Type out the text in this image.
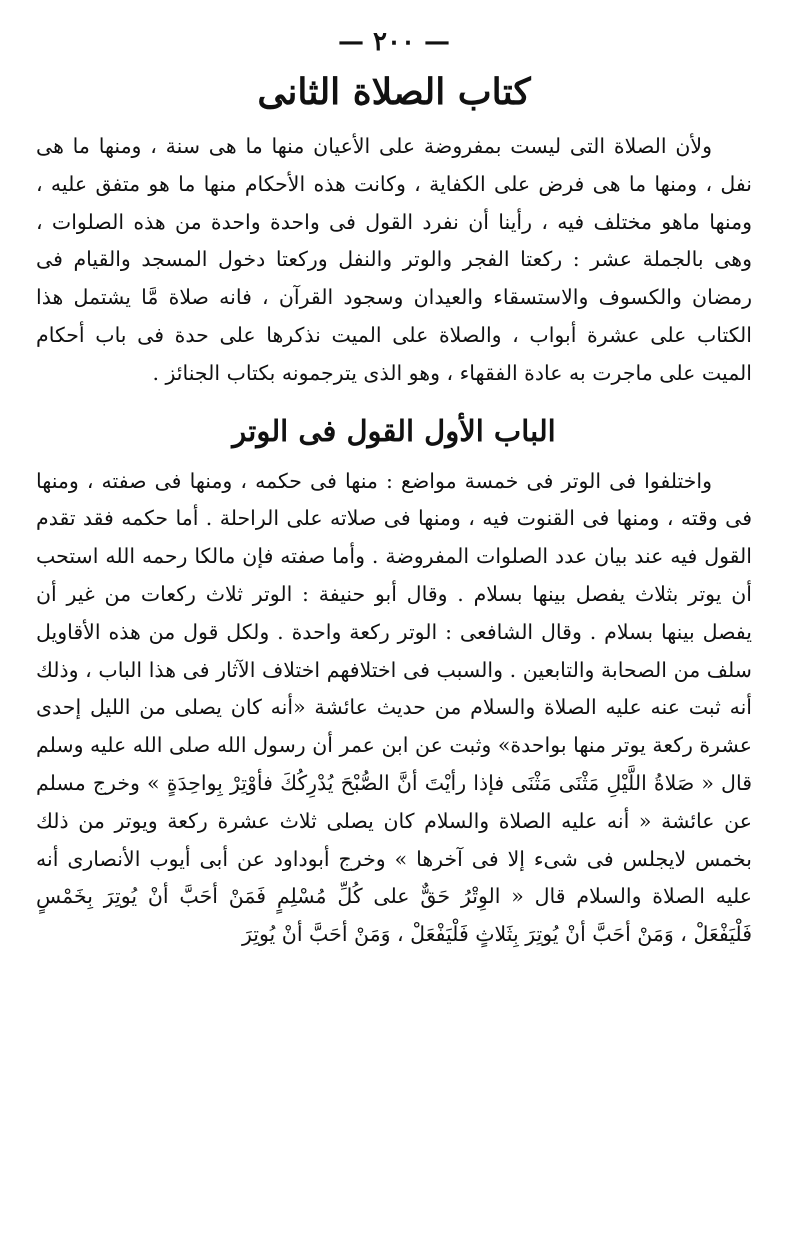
— ٢٠٠ —
كتاب الصلاة الثانى

ولأن الصلاة التى ليست بمفروضة على الأعيان منها ما هى سنة ، ومنها ما هى نفل ، ومنها ما هى فرض على الكفاية ، وكانت هذه الأحكام منها ما هو متفق عليه ، ومنها ماهو مختلف فيه ، رأينا أن نفرد القول فى واحدة واحدة من هذه الصلوات ، وهى بالجملة عشر : ركعتا الفجر والوتر والنفل وركعتا دخول المسجد والقيام فى رمضان والكسوف والاستسقاء والعيدان وسجود القرآن ، فانه صلاة مَّا يشتمل هذا الكتاب على عشرة أبواب ، والصلاة على الميت نذكرها على حدة فى باب أحكام الميت على ماجرت به عادة الفقهاء ، وهو الذى يترجمونه بكتاب الجنائز .

الباب الأول القول فى الوتر

واختلفوا فى الوتر فى خمسة مواضع : منها فى حكمه ، ومنها فى صفته ، ومنها فى وقته ، ومنها فى القنوت فيه ، ومنها فى صلاته على الراحلة . أما حكمه فقد تقدم القول فيه عند بيان عدد الصلوات المفروضة . وأما صفته فإن مالكا رحمه الله استحب أن يوتر بثلاث يفصل بينها بسلام . وقال أبو حنيفة : الوتر ثلاث ركعات من غير أن يفصل بينها بسلام . وقال الشافعى : الوتر ركعة واحدة . ولكل قول من هذه الأقاويل سلف من الصحابة والتابعين . والسبب فى اختلافهم اختلاف الآثار فى هذا الباب ، وذلك أنه ثبت عنه عليه الصلاة والسلام من حديث عائشة «أنه كان يصلى من الليل إحدى عشرة ركعة يوتر منها بواحدة» وثبت عن ابن عمر أن رسول الله صلى الله عليه وسلم قال « صَلاةُ اللَّيْلِ مَثْنَى مَثْنَى فإذا رأيْتَ أنَّ الصُّبْحَ يُدْرِكُكَ فأوْتِرْ بِواحِدَةٍ » وخرج مسلم عن عائشة « أنه عليه الصلاة والسلام كان يصلى ثلاث عشرة ركعة ويوتر من ذلك بخمس لايجلس فى شىء إلا فى آخرها » وخرج أبوداود عن أبى أيوب الأنصارى أنه عليه الصلاة والسلام قال « الوِتْرُ حَقٌّ على كُلِّ مُسْلِمٍ فَمَنْ أحَبَّ أنْ يُوتِرَ بِخَمْسٍ فَلْيَفْعَلْ ، وَمَنْ أحَبَّ أنْ يُوتِرَ بِثَلاثٍ فَلْيَفْعَلْ ، وَمَنْ أحَبَّ أنْ يُوتِرَ
